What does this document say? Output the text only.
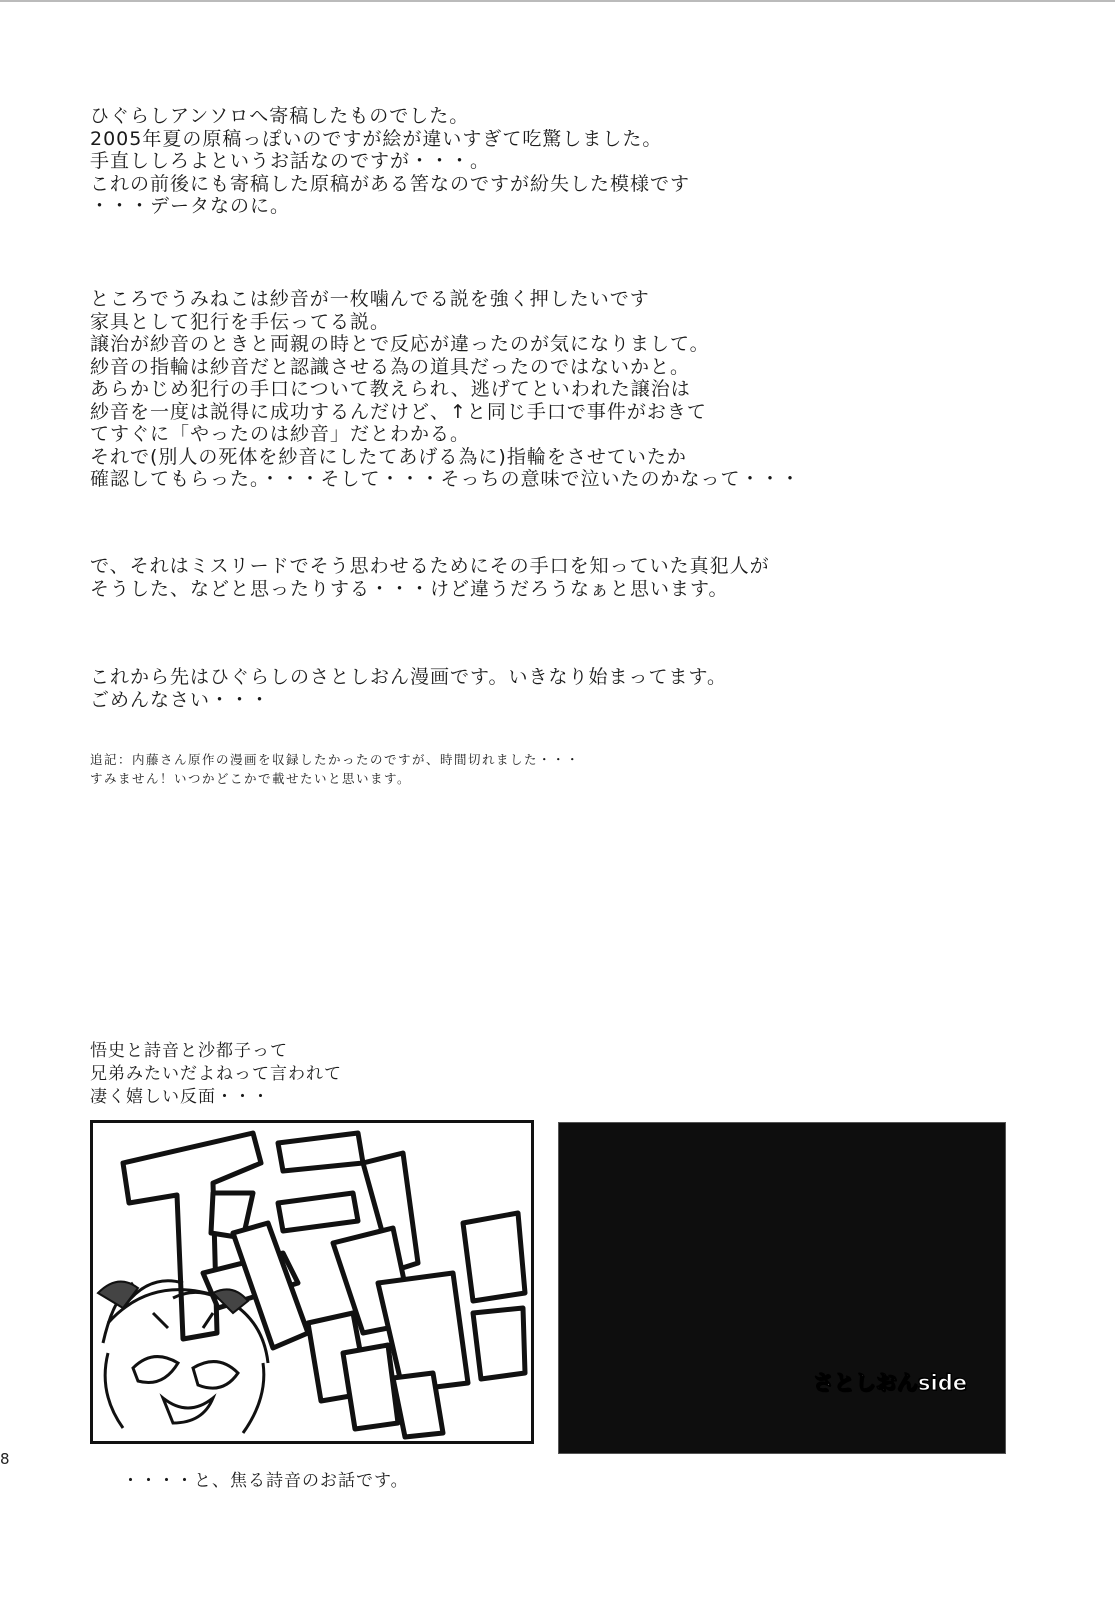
ひぐらしアンソロへ寄稿したものでした。
2005年夏の原稿っぽいのですが絵が違いすぎて吃驚しました。
手直ししろよというお話なのですが・・・。
これの前後にも寄稿した原稿がある筈なのですが紛失した模様です
・・・データなのに。
ところでうみねこは紗音が一枚噛んでる説を強く押したいです
家具として犯行を手伝ってる説。
譲治が紗音のときと両親の時とで反応が違ったのが気になりまして。
紗音の指輪は紗音だと認識させる為の道具だったのではないかと。
あらかじめ犯行の手口について教えられ、逃げてといわれた譲治は
紗音を一度は説得に成功するんだけど、↑と同じ手口で事件がおきて
てすぐに「やったのは紗音」だとわかる。
それで(別人の死体を紗音にしたてあげる為に)指輪をさせていたか
確認してもらった。・・・そして・・・そっちの意味で泣いたのかなって・・・
で、それはミスリードでそう思わせるためにその手口を知っていた真犯人が
そうした、などと思ったりする・・・けど違うだろうなぁと思います。
これから先はひぐらしのさとしおん漫画です。いきなり始まってます。
ごめんなさい・・・
追記：内藤さん原作の漫画を収録したかったのですが、時間切れました・・・
すみません！いつかどこかで載せたいと思います。
悟史と詩音と沙都子って
兄弟みたいだよねって言われて
凄く嬉しい反面・・・
さとしおんside
・・・・と、焦る詩音のお話です。
8
